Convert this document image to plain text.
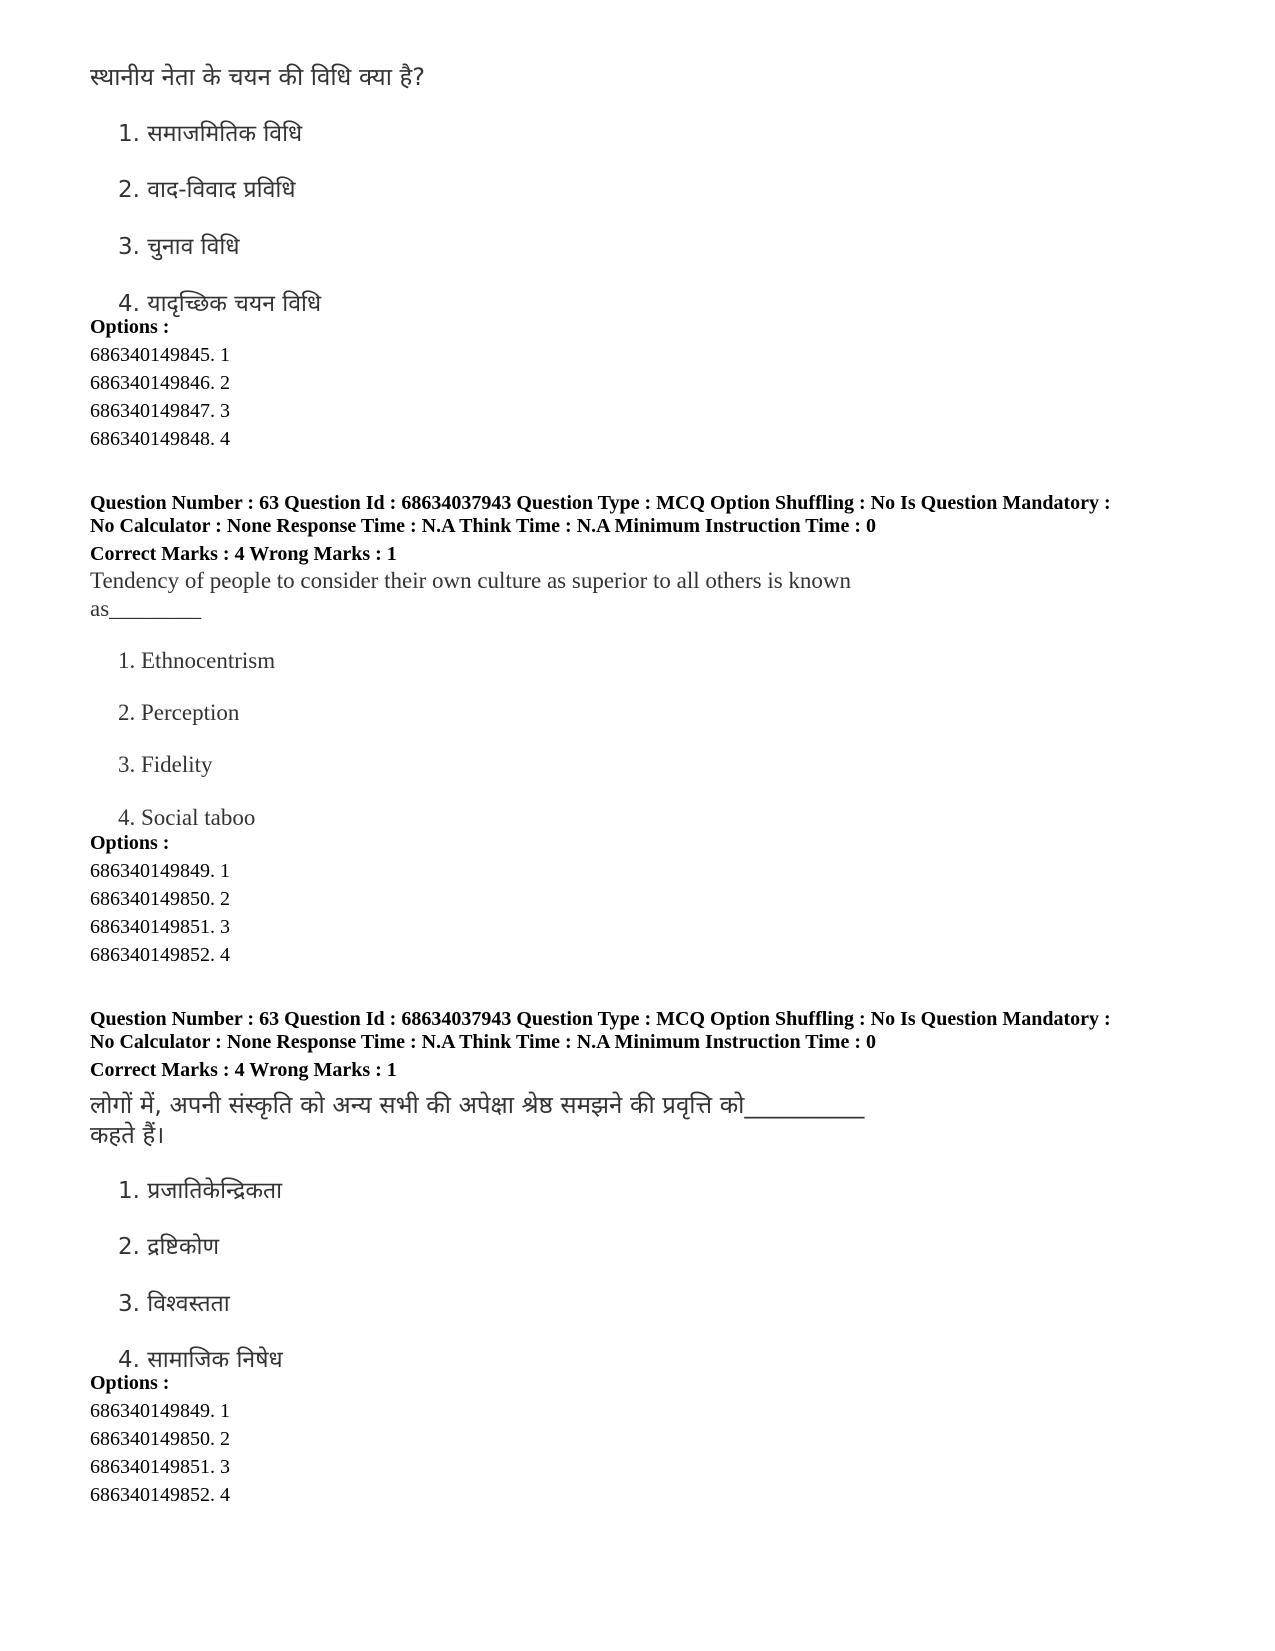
स्थानीय नेता के चयन की विधि क्या है?
1. समाजमितिक विधि
2. वाद-विवाद प्रविधि
3. चुनाव विधि
4. यादृच्छिक चयन विधि
Options :
686340149845. 1
686340149846. 2
686340149847. 3
686340149848. 4
Question Number : 63 Question Id : 68634037943 Question Type : MCQ Option Shuffling : No Is Question Mandatory :
No Calculator : None Response Time : N.A Think Time : N.A Minimum Instruction Time : 0
Correct Marks : 4 Wrong Marks : 1
Tendency of people to consider their own culture as superior to all others is known
as________
1. Ethnocentrism
2. Perception
3. Fidelity
4. Social taboo
Options :
686340149849. 1
686340149850. 2
686340149851. 3
686340149852. 4
Question Number : 63 Question Id : 68634037943 Question Type : MCQ Option Shuffling : No Is Question Mandatory :
No Calculator : None Response Time : N.A Think Time : N.A Minimum Instruction Time : 0
Correct Marks : 4 Wrong Marks : 1
लोगों में, अपनी संस्कृति को अन्य सभी की अपेक्षा श्रेष्ठ समझने की प्रवृत्ति को__________
कहते हैं।
1. प्रजातिकेन्द्रिकता
2. द्रष्टिकोण
3. विश्वस्तता
4. सामाजिक निषेध
Options :
686340149849. 1
686340149850. 2
686340149851. 3
686340149852. 4
